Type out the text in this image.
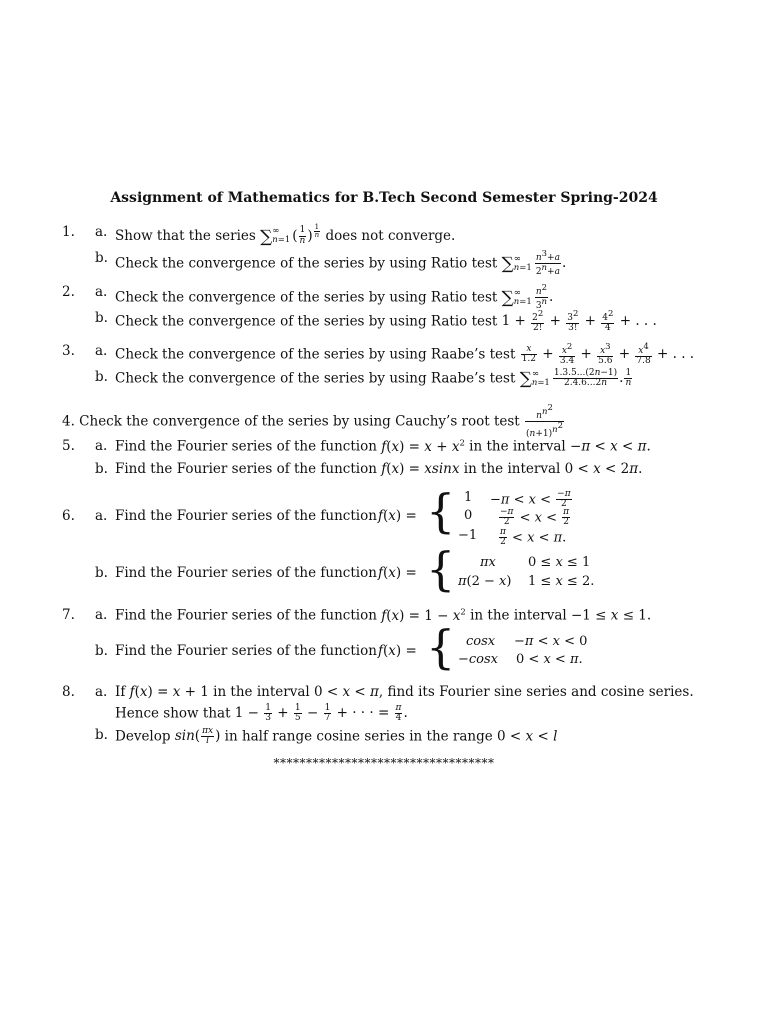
Assignment of Mathematics for B.Tech Second Semester Spring-2024
1. a. Show that the series ∑ ∞
n=1 ( $\frac{1}{n}$ ) $^{\frac{1}{n}}$ does not converge.
b. Check the convergence of the series by using Ratio test ∑ ∞
$n=1 \frac{n^3+a}{2^n+a}$ .
2. a. Check the convergence of the series by using Ratio test ∑ ∞
$n=1 \frac{n^2}{3^n}$ .
b. Check the convergence of the series by using Ratio test $1 + \frac{2^2}{2!} + \frac{3^2}{3!} + \frac{4^2}{4}$ + . . .
3. a. Check the convergence of the series by using Raabe’s test $\frac{x}{1.2} + \frac{x^2}{3.4} + \frac{x^3}{5.6} + \frac{x^4}{7.8}$ + . . .
b. Check the convergence of the series by using Raabe’s test ∑ ∞
$n=1 \frac{1.3.5...(2n-1)}{2.4.6...2n}$ . $\frac{1}{n}$
4. Check the convergence of the series by using Cauchy’s root test $\frac{n^{n^2}}{(n+1)^{n^2}}$
5. a. Find the Fourier series of the function $f(x) = x + x^2$ in the interval −π < x < π.
b. Find the Fourier series of the function f(x) = xsinx in the interval 0 < x < 2π.
6. a. Find the Fourier series of the function f(x) = { $1 -\pi < x < \frac{-\pi}{2}$
0	$\frac{-\pi}{2} < x < \frac{\pi}{2}$
$-1 \frac{\pi}{2} < x < \pi$.
b. Find the Fourier series of the function f(x) = { πx 0 ≤ x ≤ 1
π(2 − x) 1 ≤ x ≤ 2.
7. a. Find the Fourier series of the function $f(x) = 1 - x^2$ in the interval −1 ≤ x ≤ 1.
b. Find the Fourier series of the function f(x) = { cosx −π < x < 0
−cosx 0 < x < π.
8. a. If f(x) = x + 1 in the interval 0 < x < π, find its Fourier sine series and cosine series.
Hence show that $1 - \frac{1}{3} + \frac{1}{5} - \frac{1}{7}$ + · · · = $\frac{\pi}{4}$ .
b. Develop $\sin( \frac{\pi x}{l}$ ) in half range cosine series in the range 0 < x < l
**********************************
